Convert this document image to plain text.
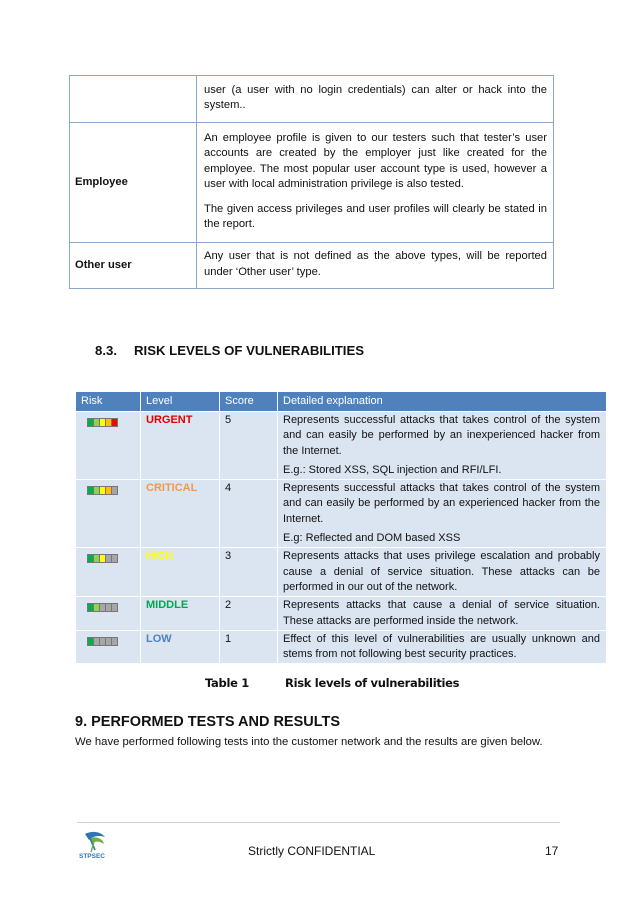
	user (a user with no login credentials) can alter or hack into the system..

Employee	An employee profile is given to our testers such that tester’s user accounts are created by the employer just like created for the employee. The most popular user account type is used, however a user with local administration privilege is also tested.

The given access privileges and user profiles will clearly be stated in the report.

Other user	Any user that is not defined as the above types, will be reported under ‘Other user’ type.

8.3. RISK LEVELS OF VULNERABILITIES
Risk	Level	Score	Detailed explanation

	URGENT	5	Represents successful attacks that takes control of the system and can easily be performed by an inexperienced hacker from the Internet.

E.g.: Stored XSS, SQL injection and RFI/LFI.

	CRITICAL	4	Represents successful attacks that takes control of the system and can easily be performed by an experienced hacker from the Internet.

E.g: Reflected and DOM based XSS

	HIGH	3	Represents attacks that uses privilege escalation and probably cause a denial of service situation. These attacks can be performed in our out of the network.

	MIDDLE	2	Represents attacks that cause a denial of service situation. These attacks are performed inside the network.

	LOW	1	Effect of this level of vulnerabilities are usually unknown and stems from not following best security practices.

Table 1	Risk levels of vulnerabilities
9. PERFORMED TESTS AND RESULTS
We have performed following tests into the customer network and the results are given below.
STPSEC	Strictly CONFIDENTIAL	17
